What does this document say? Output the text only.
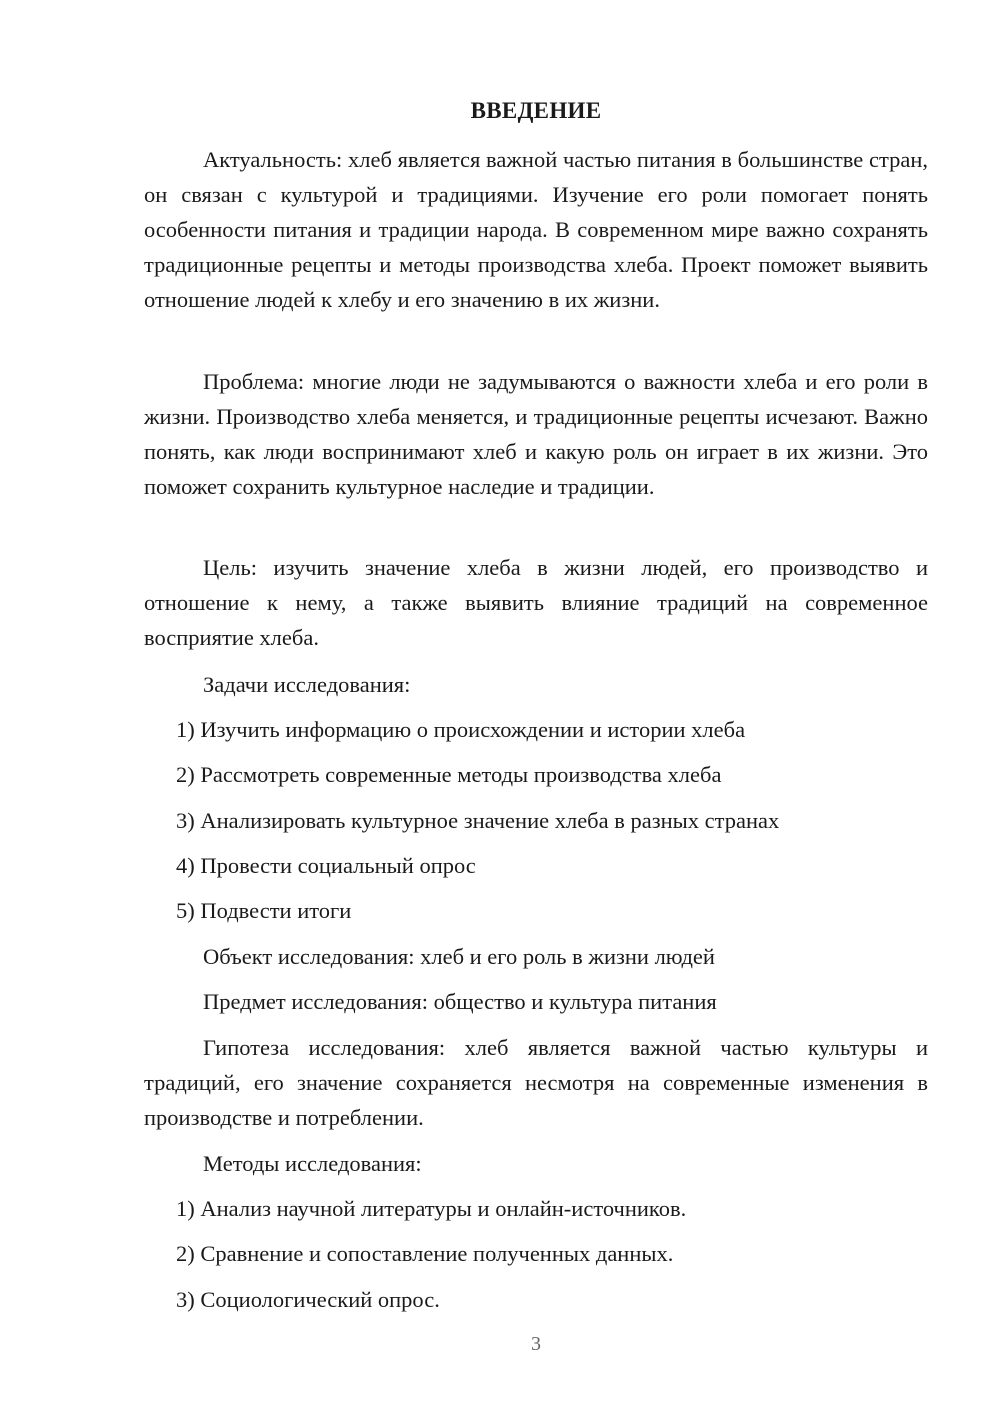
ВВЕДЕНИЕ

Актуальность: хлеб является важной частью питания в большинстве стран, он связан с культурой и традициями. Изучение его роли помогает понять особенности питания и традиции народа. В современном мире важно сохранять традиционные рецепты и методы производства хлеба. Проект поможет выявить отношение людей к хлебу и его значению в их жизни.

Проблема: многие люди не задумываются о важности хлеба и его роли в жизни. Производство хлеба меняется, и традиционные рецепты исчезают. Важно понять, как люди воспринимают хлеб и какую роль он играет в их жизни. Это поможет сохранить культурное наследие и традиции.

Цель: изучить значение хлеба в жизни людей, его производство и отношение к нему, а также выявить влияние традиций на современное восприятие хлеба.

Задачи исследования:

1) Изучить информацию о происхождении и истории хлеба

2) Рассмотреть современные методы производства хлеба

3) Анализировать культурное значение хлеба в разных странах

4) Провести социальный опрос

5) Подвести итоги

Объект исследования: хлеб и его роль в жизни людей

Предмет исследования: общество и культура питания

Гипотеза исследования: хлеб является важной частью культуры и традиций, его значение сохраняется несмотря на современные изменения в производстве и потреблении.

Методы исследования:

1) Анализ научной литературы и онлайн-источников.

2) Сравнение и сопоставление полученных данных.

3) Социологический опрос.

3
